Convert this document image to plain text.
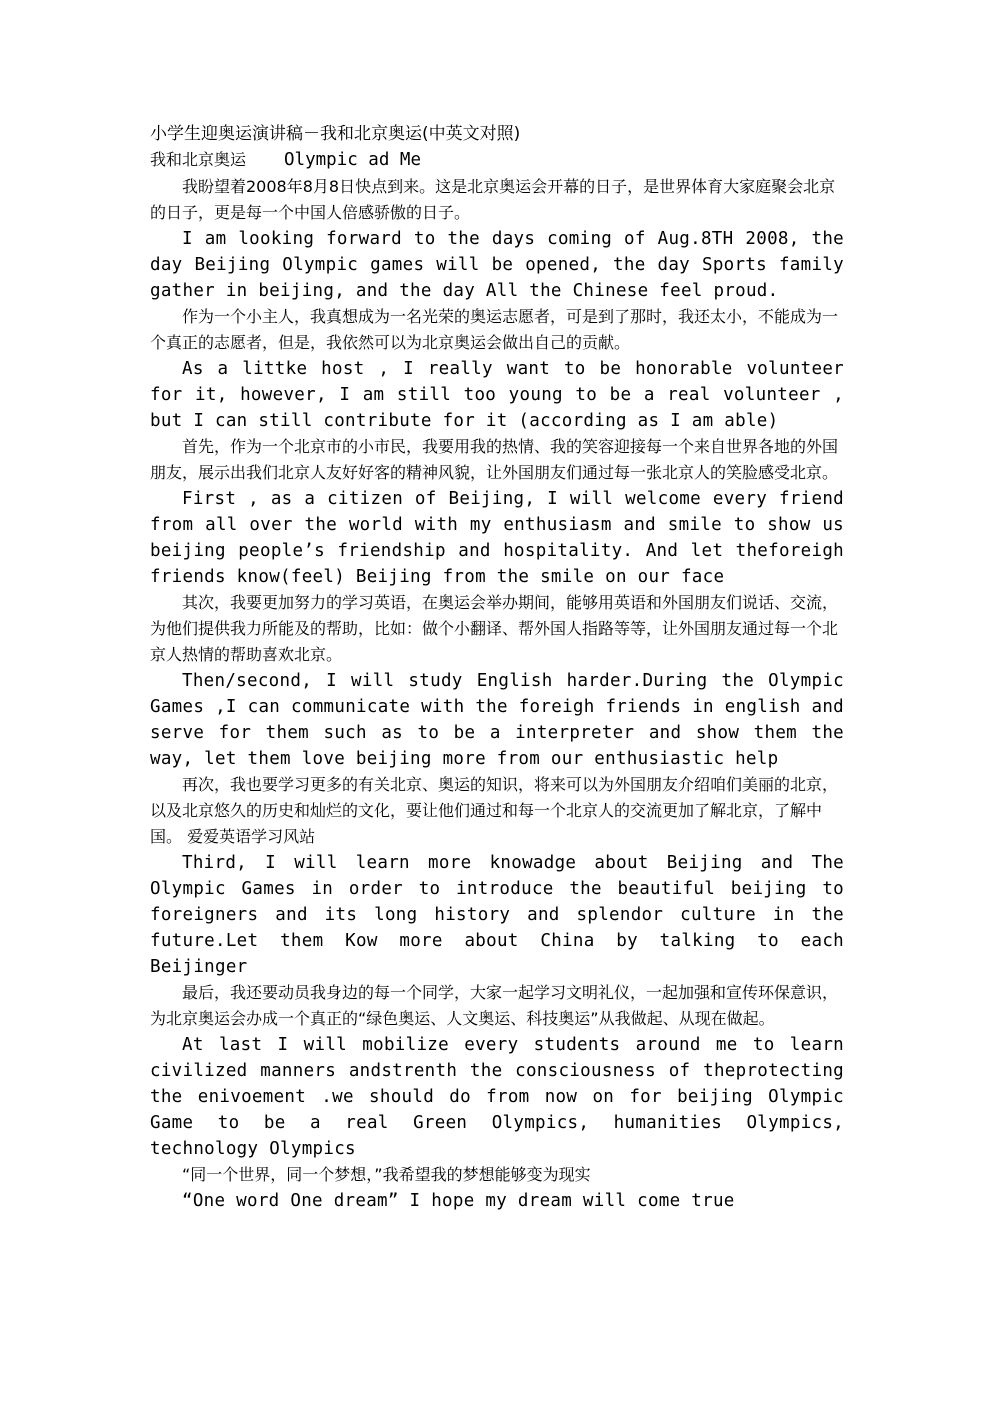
小学生迎奥运演讲稿－我和北京奥运(中英文对照)

我和北京奥运 Olympic ad Me

我盼望着2008年8月8日快点到来。这是北京奥运会开幕的日子，是世界体育大家庭聚会北京的日子，更是每一个中国人倍感骄傲的日子。

I am looking forward to the days coming of Aug.8TH 2008, the day Beijing Olympic games will be opened, the day Sports family gather in beijing, and the day All the Chinese feel proud.

作为一个小主人，我真想成为一名光荣的奥运志愿者，可是到了那时，我还太小，不能成为一个真正的志愿者，但是，我依然可以为北京奥运会做出自己的贡献。

As a littke host , I really want to be honorable volunteer for it, however, I am still too young to be a real volunteer , but I can still contribute for it (according as I am able)

首先，作为一个北京市的小市民，我要用我的热情、我的笑容迎接每一个来自世界各地的外国朋友，展示出我们北京人友好好客的精神风貌，让外国朋友们通过每一张北京人的笑脸感受北京。

First , as a citizen of Beijing, I will welcome every friend from all over the world with my enthusiasm and smile to show us beijing people’s friendship and hospitality. And let theforeigh friends know(feel) Beijing from the smile on our face

其次，我要更加努力的学习英语，在奥运会举办期间，能够用英语和外国朋友们说话、交流，为他们提供我力所能及的帮助，比如：做个小翻译、帮外国人指路等等，让外国朋友通过每一个北京人热情的帮助喜欢北京。

Then/second, I will study English harder.During the Olympic Games ,I can communicate with the foreigh friends in english and serve for them such as to be a interpreter and show them the way, let them love beijing more from our enthusiastic help

再次，我也要学习更多的有关北京、奥运的知识，将来可以为外国朋友介绍咱们美丽的北京，以及北京悠久的历史和灿烂的文化，要让他们通过和每一个北京人的交流更加了解北京，了解中国。 爱爱英语学习风站

Third, I will learn more knowadge about Beijing and The Olympic Games in order to introduce the beautiful beijing to foreigners and its long history and splendor culture in the future.Let them Kow more about China by talking to each Beijinger

最后，我还要动员我身边的每一个同学，大家一起学习文明礼仪，一起加强和宣传环保意识，为北京奥运会办成一个真正的“绿色奥运、人文奥运、科技奥运”从我做起、从现在做起。

At last I will mobilize every students around me to learn civilized manners andstrenth the consciousness of theprotecting the enivoement .we should do from now on for beijing Olympic Game to be a real Green Olympics, humanities Olympics, technology Olympics

“同一个世界，同一个梦想，”我希望我的梦想能够变为现实

“One word One dream” I hope my dream will come true
